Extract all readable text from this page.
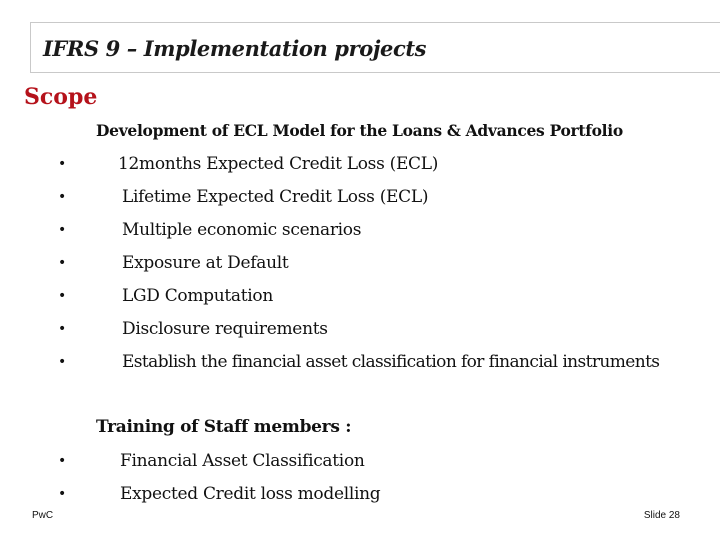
IFRS 9 – Implementation projects
Scope
Development of ECL Model for the Loans & Advances Portfolio
•	12months Expected Credit Loss (ECL)
•	Lifetime Expected Credit Loss (ECL)
•	Multiple economic scenarios
•	Exposure at Default
•	LGD Computation
•	Disclosure requirements
•	Establish the financial asset classification for financial instruments
Training of Staff members :
•	Financial Asset Classification
•	Expected Credit loss modelling
PwC	Slide 28
